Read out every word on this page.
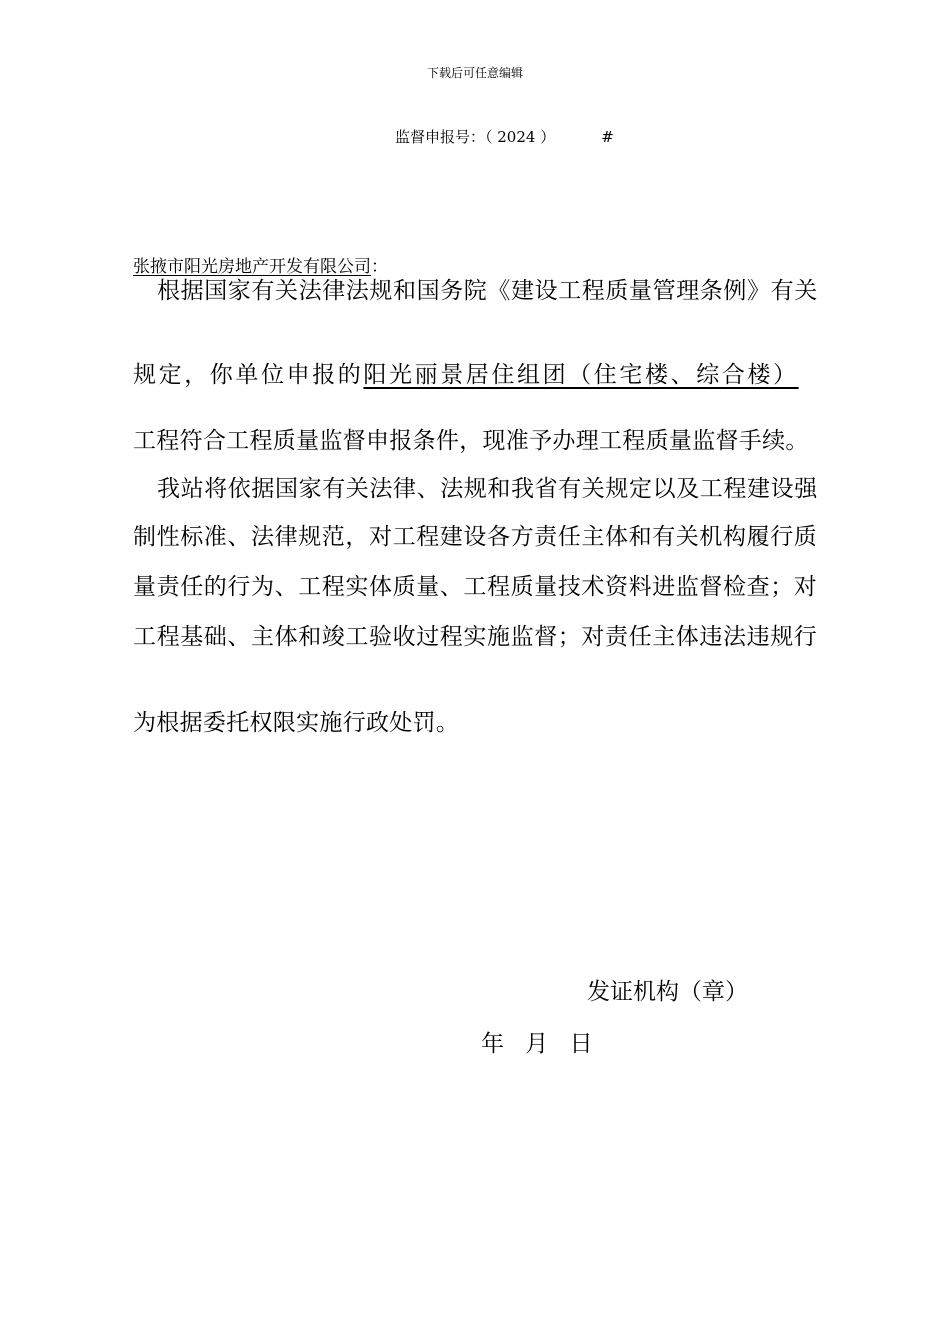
下载后可任意编辑
监督申报号：（ 2024 ）	#
张掖市阳光房地产开发有限公司：
根据国家有关法律法规和国务院《建设工程质量管理条例》有关
规定，你单位申报的阳光丽景居住组团（住宅楼、综合楼）
工程符合工程质量监督申报条件，现准予办理工程质量监督手续。
我站将依据国家有关法律、法规和我省有关规定以及工程建设强
制性标准、法律规范，对工程建设各方责任主体和有关机构履行质
量责任的行为、工程实体质量、工程质量技术资料进监督检查；对
工程基础、主体和竣工验收过程实施监督；对责任主体违法违规行
为根据委托权限实施行政处罚。
发证机构（章）
年 月 日
